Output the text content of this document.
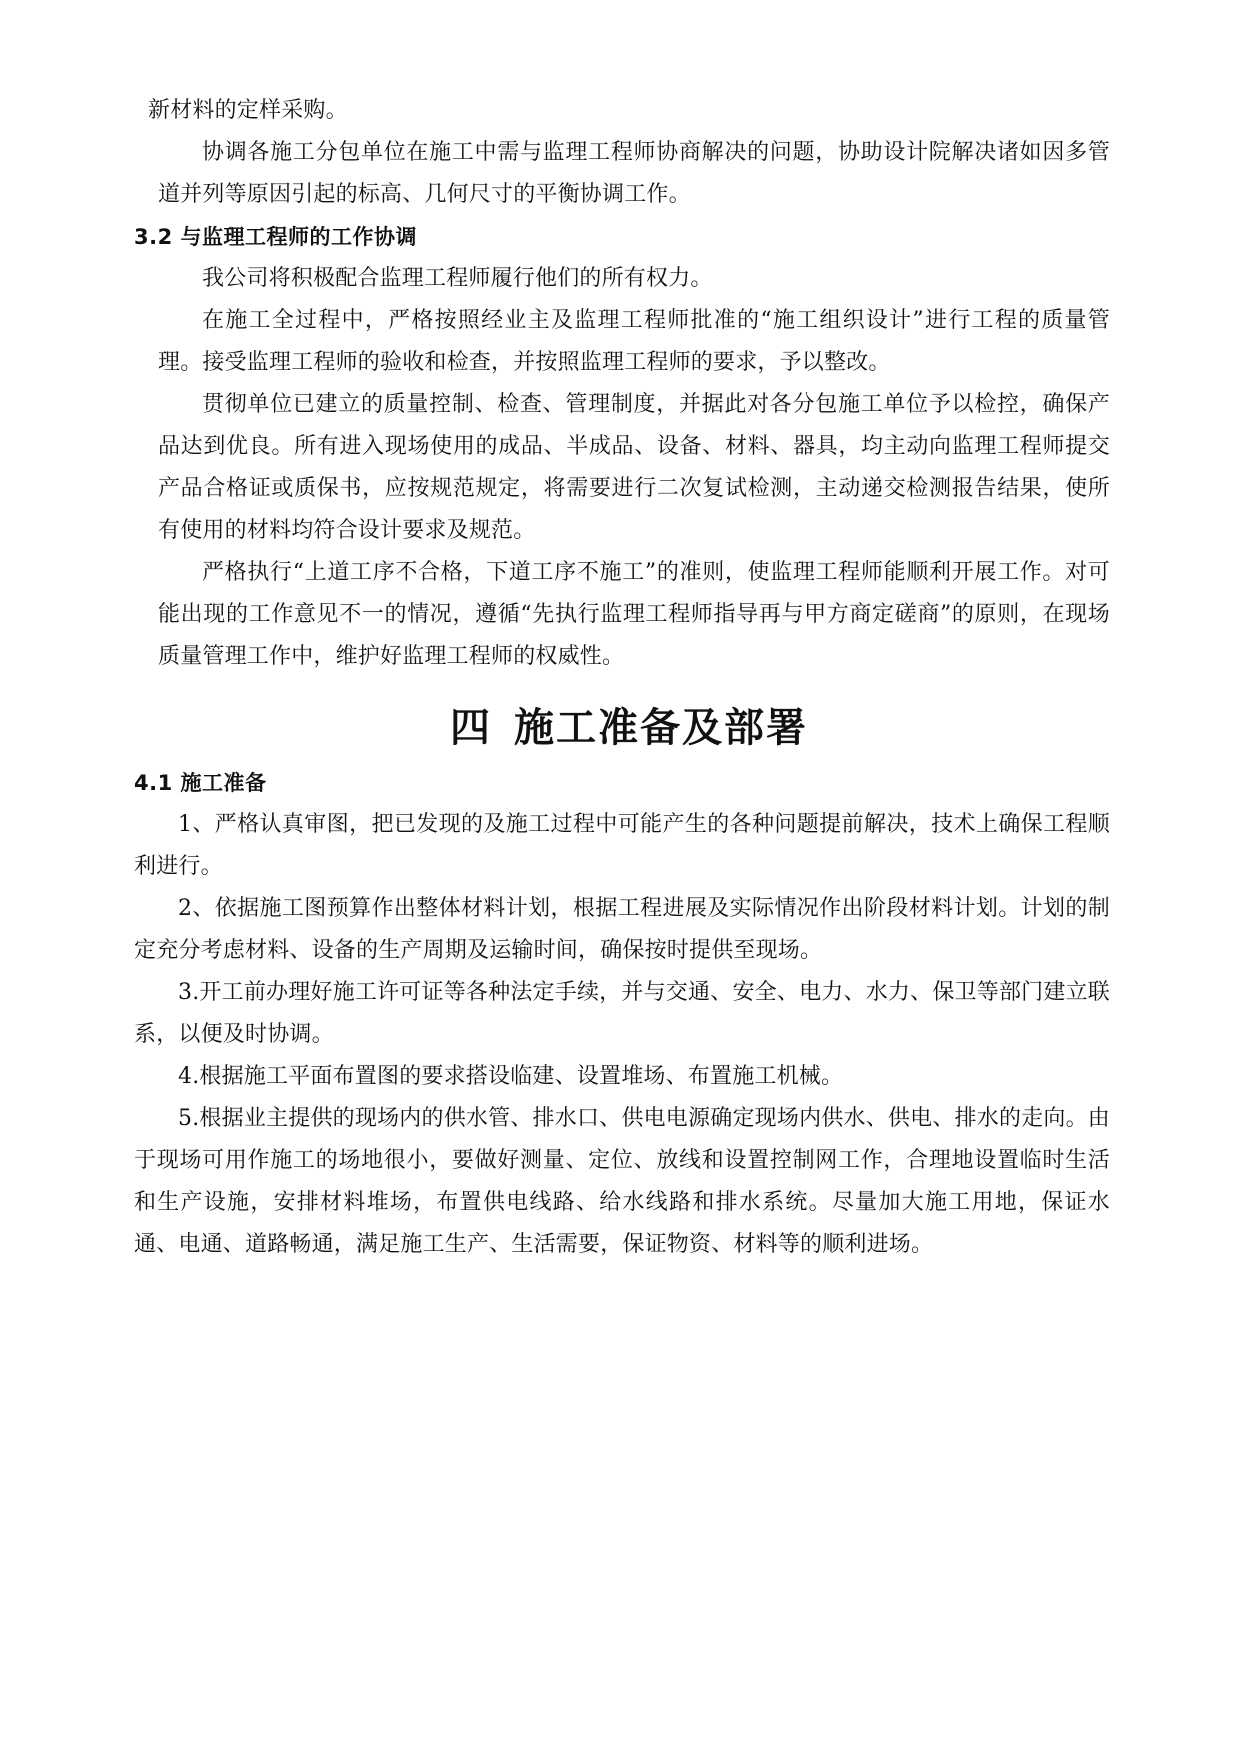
新材料的定样采购。

协调各施工分包单位在施工中需与监理工程师协商解决的问题，协助设计院解决诸如因多管道并列等原因引起的标高、几何尺寸的平衡协调工作。

3.2 与监理工程师的工作协调

我公司将积极配合监理工程师履行他们的所有权力。

在施工全过程中，严格按照经业主及监理工程师批准的“施工组织设计”进行工程的质量管理。接受监理工程师的验收和检查，并按照监理工程师的要求，予以整改。

贯彻单位已建立的质量控制、检查、管理制度，并据此对各分包施工单位予以检控，确保产品达到优良。所有进入现场使用的成品、半成品、设备、材料、器具，均主动向监理工程师提交产品合格证或质保书，应按规范规定，将需要进行二次复试检测，主动递交检测报告结果，使所有使用的材料均符合设计要求及规范。

严格执行“上道工序不合格，下道工序不施工”的准则，使监理工程师能顺利开展工作。对可能出现的工作意见不一的情况，遵循“先执行监理工程师指导再与甲方商定磋商”的原则，在现场质量管理工作中，维护好监理工程师的权威性。

四 施工准备及部署
4.1 施工准备

1、严格认真审图，把已发现的及施工过程中可能产生的各种问题提前解决，技术上确保工程顺利进行。

2、依据施工图预算作出整体材料计划，根据工程进展及实际情况作出阶段材料计划。计划的制定充分考虑材料、设备的生产周期及运输时间，确保按时提供至现场。

3.开工前办理好施工许可证等各种法定手续，并与交通、安全、电力、水力、保卫等部门建立联系，以便及时协调。

4.根据施工平面布置图的要求搭设临建、设置堆场、布置施工机械。

5.根据业主提供的现场内的供水管、排水口、供电电源确定现场内供水、供电、排水的走向。由于现场可用作施工的场地很小，要做好测量、定位、放线和设置控制网工作，合理地设置临时生活和生产设施，安排材料堆场，布置供电线路、给水线路和排水系统。尽量加大施工用地，保证水通、电通、道路畅通，满足施工生产、生活需要，保证物资、材料等的顺利进场。
